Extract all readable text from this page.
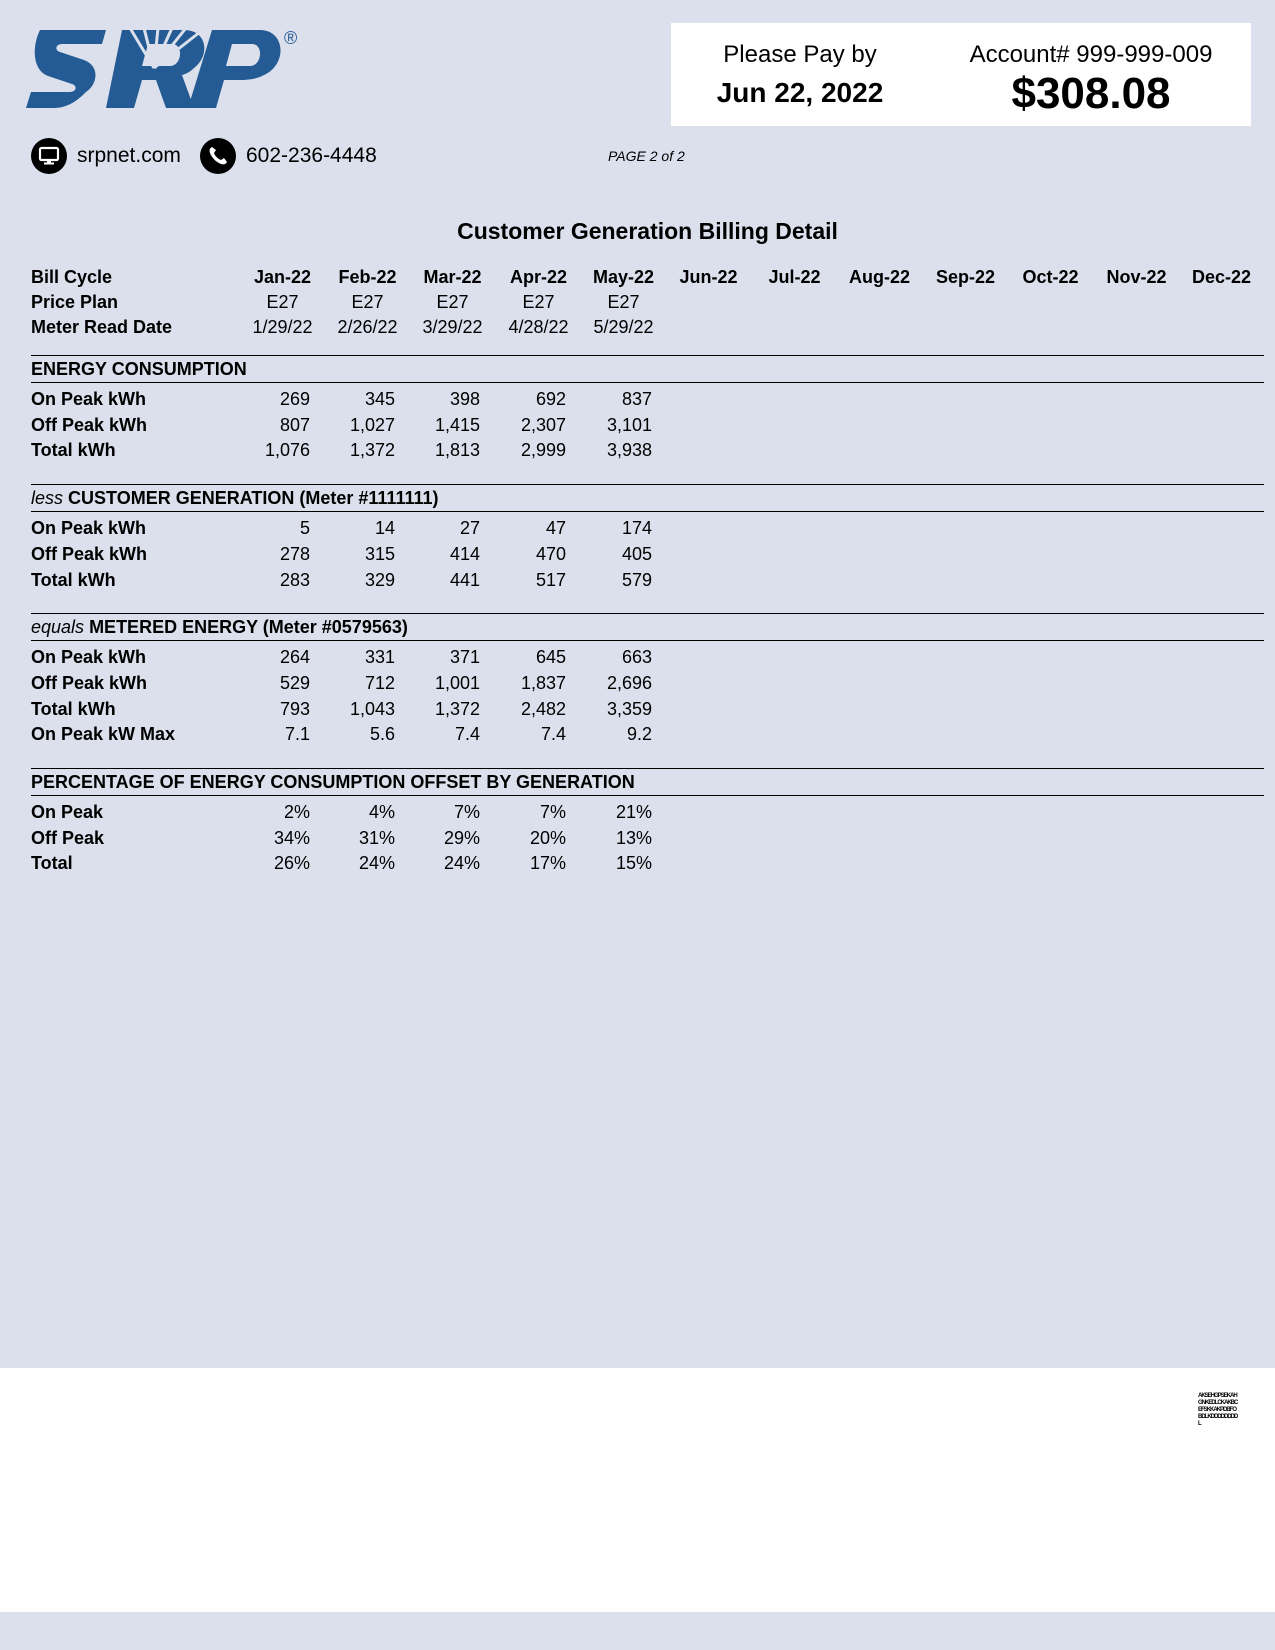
®
Please Pay by
Jun 22, 2022
Account# 999-999-009
$308.08
srpnet.com	602-236-4448	PAGE 2 of 2
Customer Generation Billing Detail
Bill Cycle	Jan-22	Feb-22	Mar-22	Apr-22	May-22	Jun-22	Jul-22	Aug-22	Sep-22	Oct-22	Nov-22	Dec-22
Price Plan	E27	E27	E27	E27	E27
Meter Read Date	1/29/22	2/26/22	3/29/22	4/28/22	5/29/22
ENERGY CONSUMPTION
On Peak kWh	269	345	398	692	837
Off Peak kWh	807	1,027	1,415	2,307	3,101
Total kWh	1,076	1,372	1,813	2,999	3,938
less CUSTOMER GENERATION (Meter #1111111)
On Peak kWh	5	14	27	47	174
Off Peak kWh	278	315	414	470	405
Total kWh	283	329	441	517	579
equals METERED ENERGY (Meter #0579563)
On Peak kWh	264	331	371	645	663
Off Peak kWh	529	712	1,001	1,837	2,696
Total kWh	793	1,043	1,372	2,482	3,359
On Peak kW Max	7.1	5.6	7.4	7.4	9.2
PERCENTAGE OF ENERGY CONSUMPTION OFFSET BY GENERATION
On Peak	2%	4%	7%	7%	21%
Off Peak	34%	31%	29%	20%	13%
Total	26%	24%	24%	17%	15%
AKSEHGPSEKAHGNKEDLCKAKBCEFSKKAKPDBFOBDLKDDDDDDDDL
